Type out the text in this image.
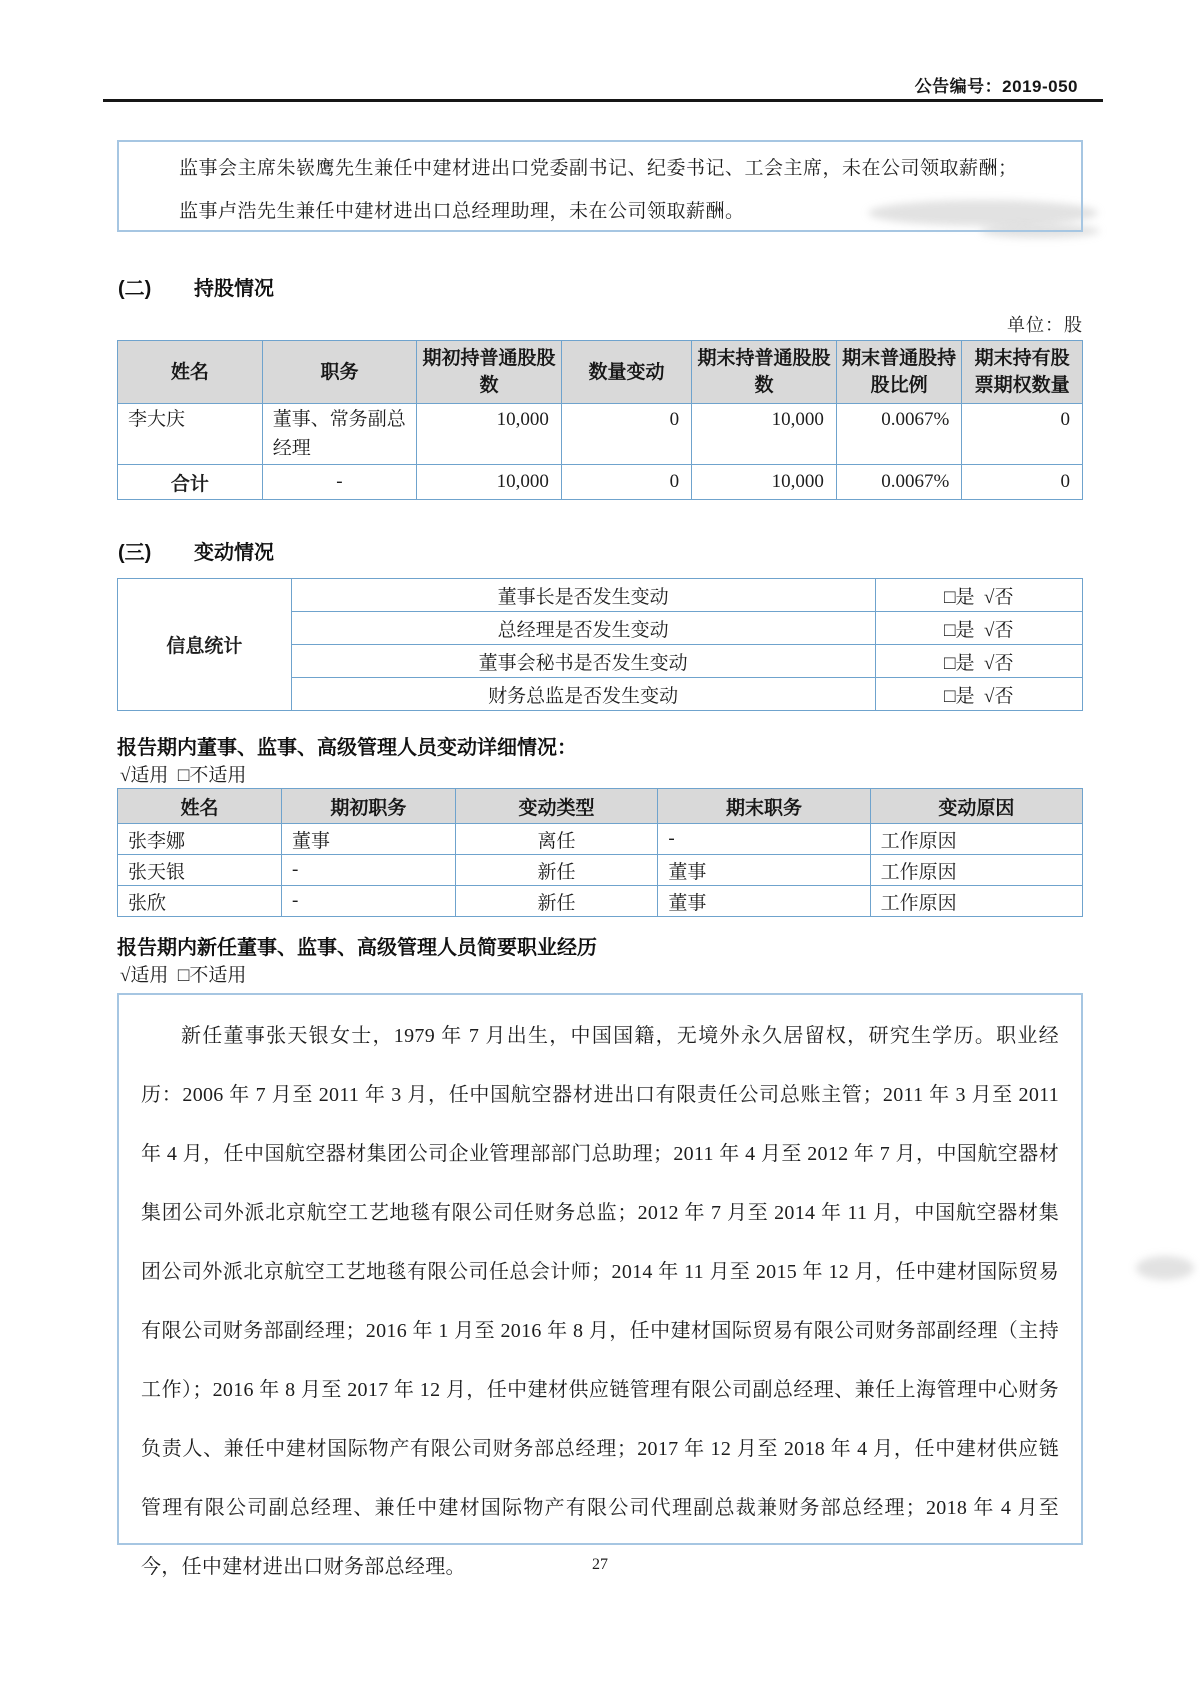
公告编号：2019-050

监事会主席朱嵚鹰先生兼任中建材进出口党委副书记、纪委书记、工会主席，未在公司领取薪酬；

监事卢浩先生兼任中建材进出口总经理助理，未在公司领取薪酬。

(二)	持股情况
单位：股
姓名	职务	期初持普通股股数	数量变动	期末持普通股股数	期末普通股持股比例	期末持有股票期权数量
李大庆	董事、常务副总经理	10,000	0	10,000	0.0067%	0
合计	-	10,000	0	10,000	0.0067%	0
(三)	变动情况
信息统计	董事长是否发生变动	□是  √否
	总经理是否发生变动	□是  √否
	董事会秘书是否发生变动	□是  √否
	财务总监是否发生变动	□是  √否
报告期内董事、监事、高级管理人员变动详细情况：
√适用  □不适用
姓名	期初职务	变动类型	期末职务	变动原因
张李娜	董事	离任	-	工作原因
张天银	-	新任	董事	工作原因
张欣	-	新任	董事	工作原因
报告期内新任董事、监事、高级管理人员简要职业经历
√适用  □不适用

新任董事张天银女士，1979 年 7 月出生，中国国籍，无境外永久居留权，研究生学历。职业经历：2006 年 7 月至 2011 年 3 月，任中国航空器材进出口有限责任公司总账主管；2011 年 3 月至 2011 年 4 月，任中国航空器材集团公司企业管理部部门总助理；2011 年 4 月至 2012 年 7 月，中国航空器材集团公司外派北京航空工艺地毯有限公司任财务总监；2012 年 7 月至 2014 年 11 月，中国航空器材集团公司外派北京航空工艺地毯有限公司任总会计师；2014 年 11 月至 2015 年 12 月，任中建材国际贸易有限公司财务部副经理；2016 年 1 月至 2016 年 8 月，任中建材国际贸易有限公司财务部副经理（主持工作）；2016 年 8 月至 2017 年 12 月，任中建材供应链管理有限公司副总经理、兼任上海管理中心财务负责人、兼任中建材国际物产有限公司财务部总经理；2017 年 12 月至 2018 年 4 月，任中建材供应链管理有限公司副总经理、兼任中建材国际物产有限公司代理副总裁兼财务部总经理；2018 年 4 月至今，任中建材进出口财务部总经理。	27
